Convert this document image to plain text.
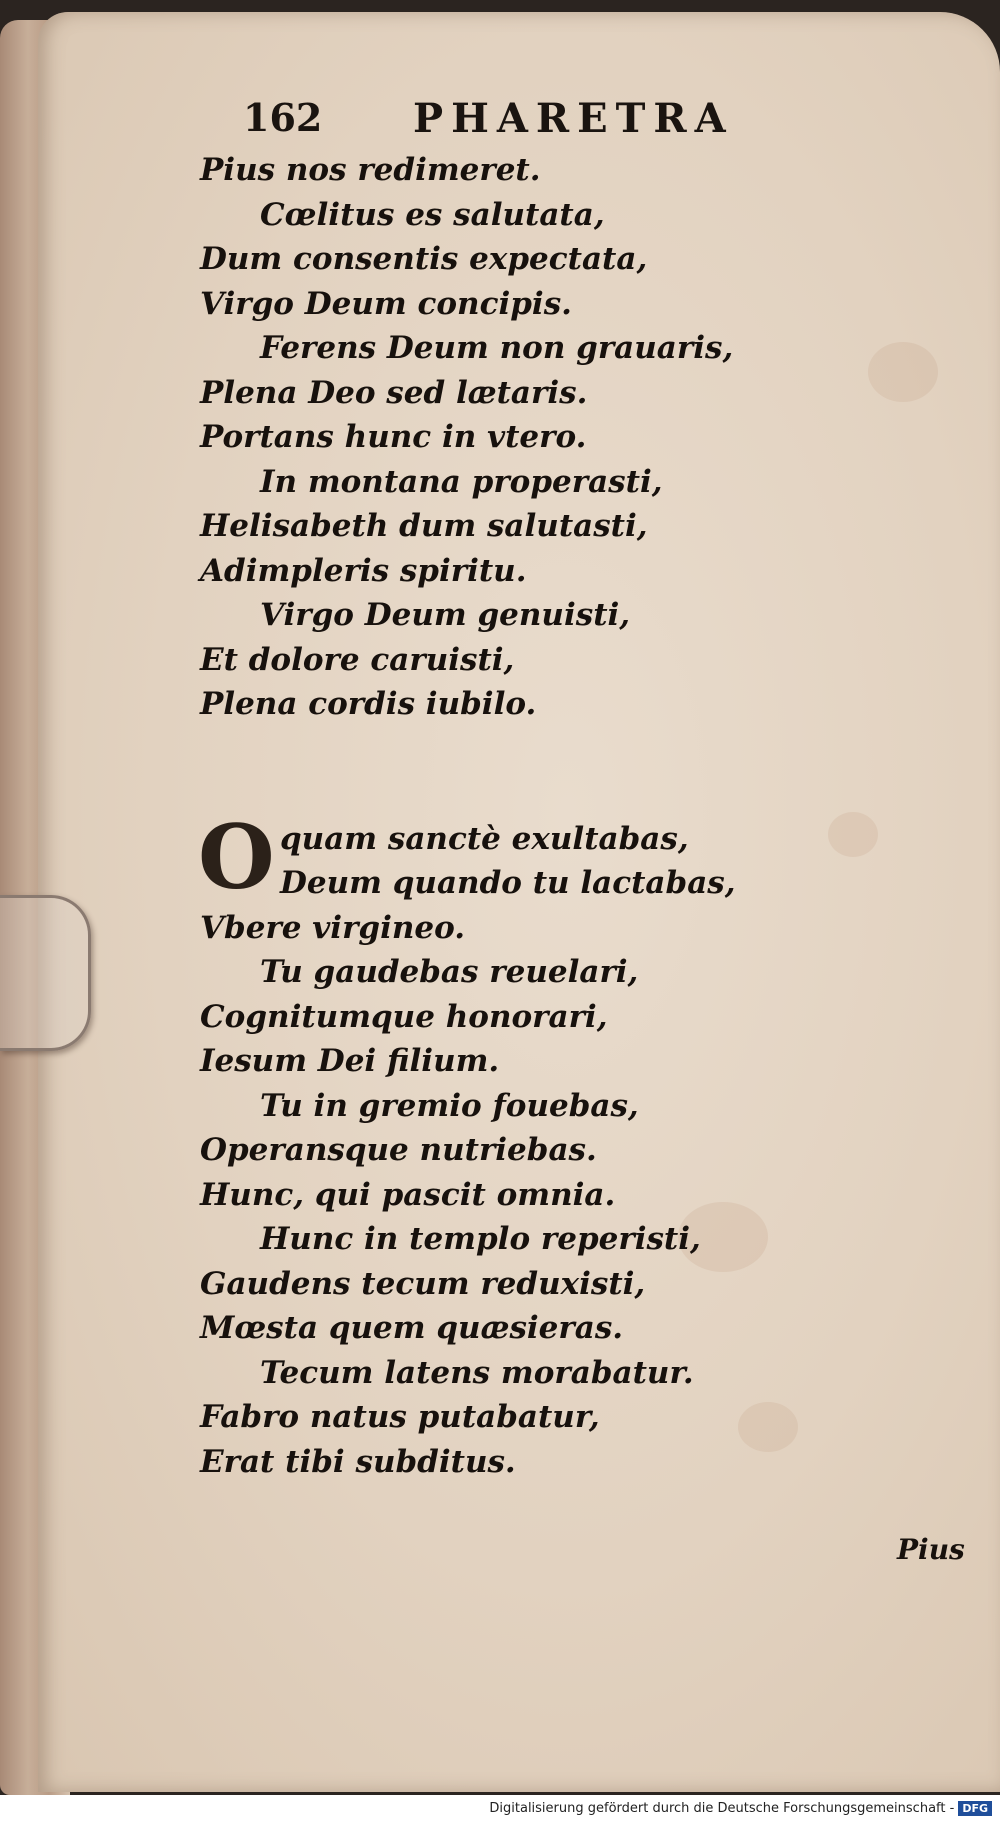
162 PHARETRA
Pius nos redimeret.
Cœlitus es salutata,
Dum consentis expectata,
Virgo Deum concipis.
Ferens Deum non grauaris,
Plena Deo sed lætaris.
Portans hunc in vtero.
In montana properasti,
Helisabeth dum salutasti,
Adimpleris spiritu.
Virgo Deum genuisti,
Et dolore caruisti,
Plena cordis iubilo.
O quam sanctè exultabas,
Deum quando tu lactabas,
Vbere virgineo.
Tu gaudebas reuelari,
Cognitumque honorari,
Iesum Dei filium.
Tu in gremio fouebas,
Operansque nutriebas.
Hunc, qui pascit omnia.
Hunc in templo reperisti,
Gaudens tecum reduxisti,
Mœsta quem quæsieras.
Tecum latens morabatur.
Fabro natus putabatur,
Erat tibi subditus.
Pius
Digitalisierung gefördert durch die Deutsche Forschungsgemeinschaft - DFG
